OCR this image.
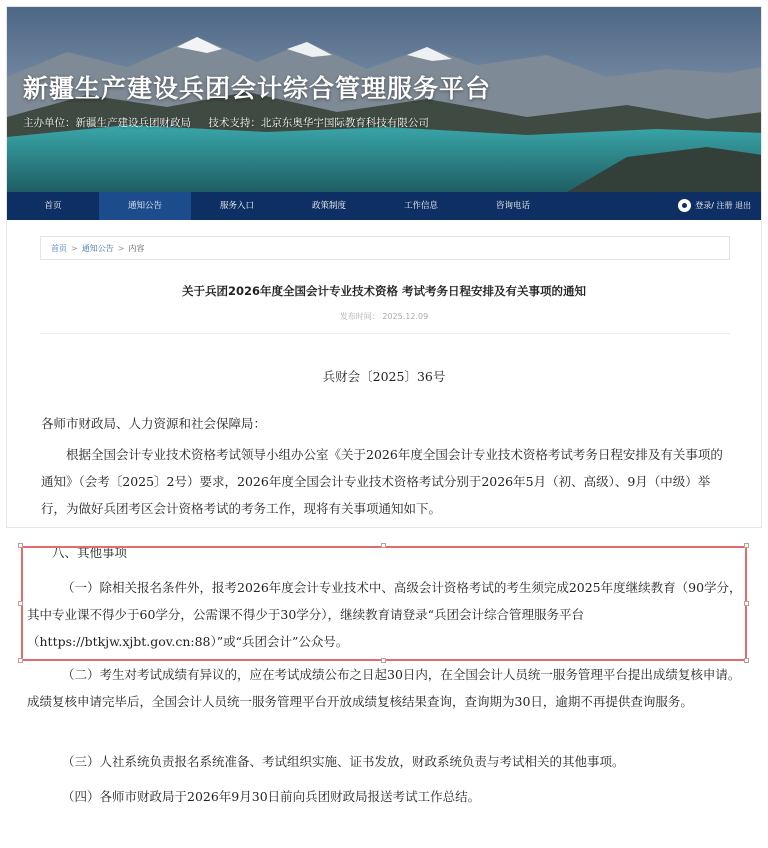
新疆生产建设兵团会计综合管理服务平台
主办单位：新疆生产建设兵团财政局 技术支持：北京东奥华宇国际教育科技有限公司
首页	通知公告	服务入口	政策制度	工作信息	咨询电话	登录/ 注册 退出
首页 > 通知公告 > 内容
关于兵团2026年度全国会计专业技术资格 考试考务日程安排及有关事项的通知
发布时间： 2025.12.09
兵财会〔2025〕36号
各师市财政局、人力资源和社会保障局：
根据全国会计专业技术资格考试领导小组办公室《关于2026年度全国会计专业技术资格考试考务日程安排及有关事项的通知》（会考〔2025〕2号）要求，2026年度全国会计专业技术资格考试分别于2026年5月（初、高级）、9月（中级）举行，为做好兵团考区会计资格考试的考务工作，现将有关事项通知如下。
八、其他事项
（一）除相关报名条件外，报考2026年度会计专业技术中、高级会计资格考试的考生须完成2025年度继续教育（90学分，其中专业课不得少于60学分，公需课不得少于30学分），继续教育请登录“兵团会计综合管理服务平台（https://btkjw.xjbt.gov.cn:88）”或“兵团会计”公众号。
（二）考生对考试成绩有异议的，应在考试成绩公布之日起30日内，在全国会计人员统一服务管理平台提出成绩复核申请。成绩复核申请完毕后，全国会计人员统一服务管理平台开放成绩复核结果查询，查询期为30日，逾期不再提供查询服务。
（三）人社系统负责报名系统准备、考试组织实施、证书发放，财政系统负责与考试相关的其他事项。
（四）各师市财政局于2026年9月30日前向兵团财政局报送考试工作总结。
